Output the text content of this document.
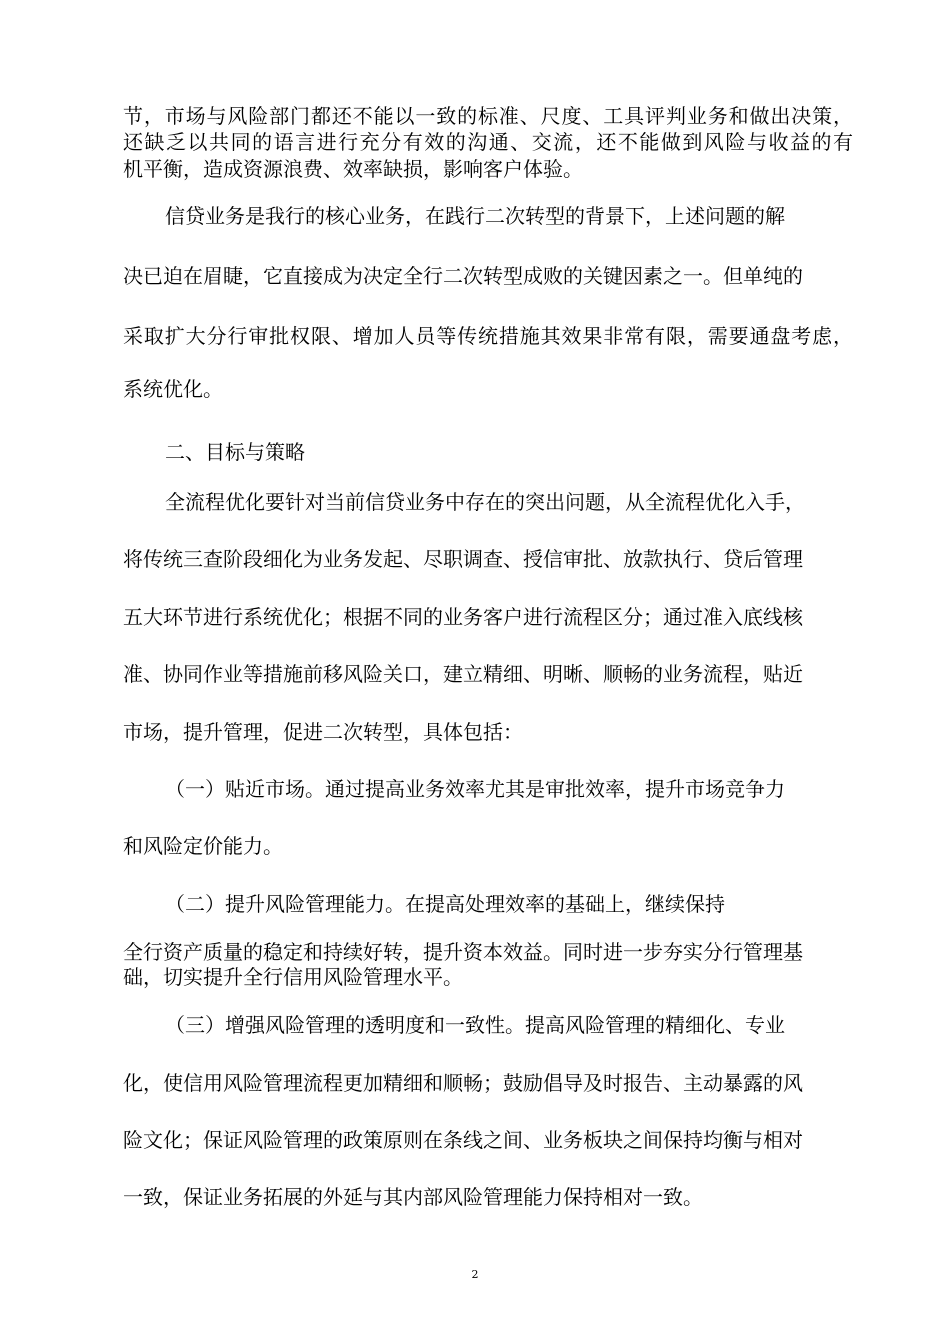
节，市场与风险部门都还不能以一致的标准、尺度、工具评判业务和做出决策，
还缺乏以共同的语言进行充分有效的沟通、交流，还不能做到风险与收益的有
机平衡，造成资源浪费、效率缺损，影响客户体验。
信贷业务是我行的核心业务，在践行二次转型的背景下，上述问题的解
决已迫在眉睫，它直接成为决定全行二次转型成败的关键因素之一。但单纯的
采取扩大分行审批权限、增加人员等传统措施其效果非常有限，需要通盘考虑，
系统优化。
二、目标与策略
全流程优化要针对当前信贷业务中存在的突出问题，从全流程优化入手，
将传统三查阶段细化为业务发起、尽职调查、授信审批、放款执行、贷后管理
五大环节进行系统优化；根据不同的业务客户进行流程区分；通过准入底线核
准、协同作业等措施前移风险关口，建立精细、明晰、顺畅的业务流程，贴近
市场，提升管理，促进二次转型，具体包括：
（一）贴近市场。通过提高业务效率尤其是审批效率，提升市场竞争力
和风险定价能力。
（二）提升风险管理能力。在提高处理效率的基础上，继续保持
全行资产质量的稳定和持续好转，提升资本效益。同时进一步夯实分行管理基
础，切实提升全行信用风险管理水平。
（三）增强风险管理的透明度和一致性。提高风险管理的精细化、专业
化，使信用风险管理流程更加精细和顺畅；鼓励倡导及时报告、主动暴露的风
险文化；保证风险管理的政策原则在条线之间、业务板块之间保持均衡与相对
一致，保证业务拓展的外延与其内部风险管理能力保持相对一致。
2
